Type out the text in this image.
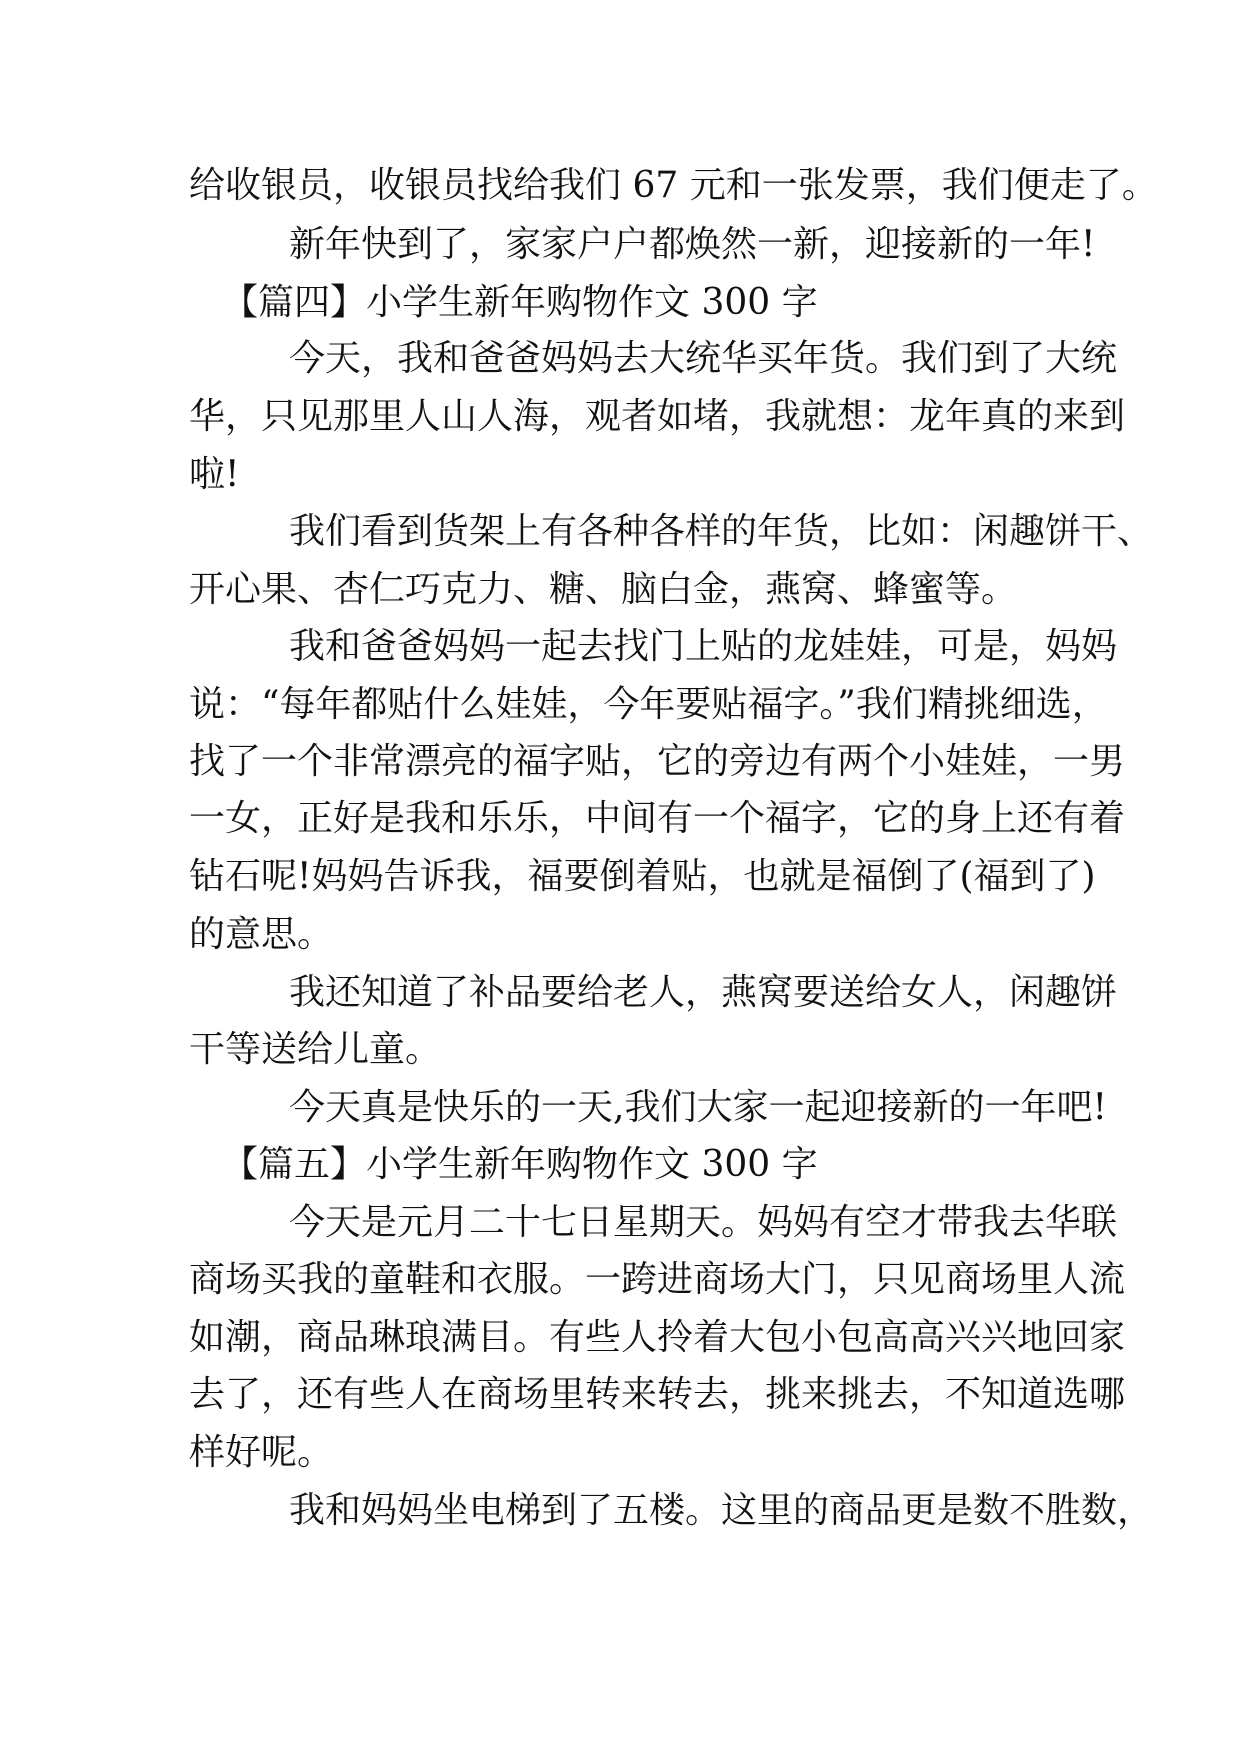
给收银员，收银员找给我们 67 元和一张发票，我们便走了。
新年快到了，家家户户都焕然一新，迎接新的一年!
【篇四】小学生新年购物作文 300 字
今天，我和爸爸妈妈去大统华买年货。我们到了大统
华，只见那里人山人海，观者如堵，我就想：龙年真的来到
啦!
我们看到货架上有各种各样的年货，比如：闲趣饼干、
开心果、杏仁巧克力、糖、脑白金，燕窝、蜂蜜等。
我和爸爸妈妈一起去找门上贴的龙娃娃，可是，妈妈
说：“每年都贴什么娃娃，今年要贴福字。”我们精挑细选，
找了一个非常漂亮的福字贴，它的旁边有两个小娃娃，一男
一女，正好是我和乐乐，中间有一个福字，它的身上还有着
钻石呢!妈妈告诉我，福要倒着贴，也就是福倒了(福到了)
的意思。
我还知道了补品要给老人，燕窝要送给女人，闲趣饼
干等送给儿童。
今天真是快乐的一天,我们大家一起迎接新的一年吧!
【篇五】小学生新年购物作文 300 字
今天是元月二十七日星期天。妈妈有空才带我去华联
商场买我的童鞋和衣服。一跨进商场大门，只见商场里人流
如潮，商品琳琅满目。有些人拎着大包小包高高兴兴地回家
去了，还有些人在商场里转来转去，挑来挑去，不知道选哪
样好呢。
我和妈妈坐电梯到了五楼。这里的商品更是数不胜数，
